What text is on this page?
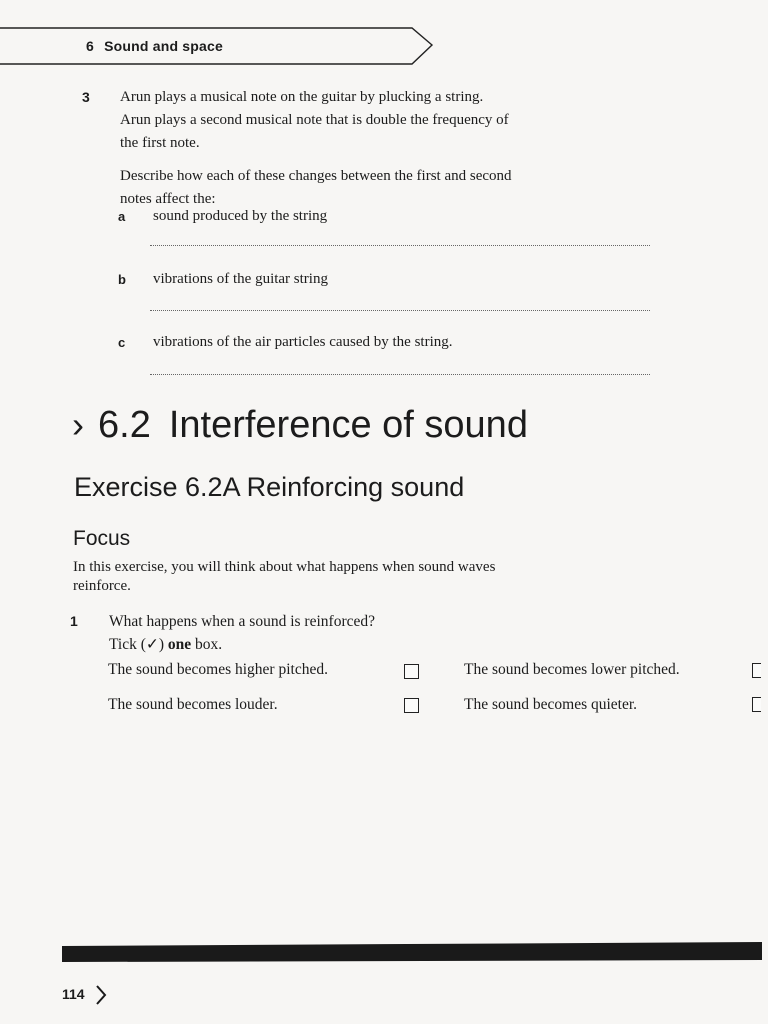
6 Sound and space
3 Arun plays a musical note on the guitar by plucking a string.
Arun plays a second musical note that is double the frequency of
the first note.

Describe how each of these changes between the first and second
notes affect the:

a	sound produced by the string
b	vibrations of the guitar string
c	vibrations of the air particles caused by the string.
› 6.2 Interference of sound
Exercise 6.2A Reinforcing sound
Focus
In this exercise, you will think about what happens when sound waves
reinforce.
1 What happens when a sound is reinforced?
Tick (✓) one box.
The sound becomes higher pitched.	The sound becomes lower pitched.
The sound becomes louder.	The sound becomes quieter.
114
